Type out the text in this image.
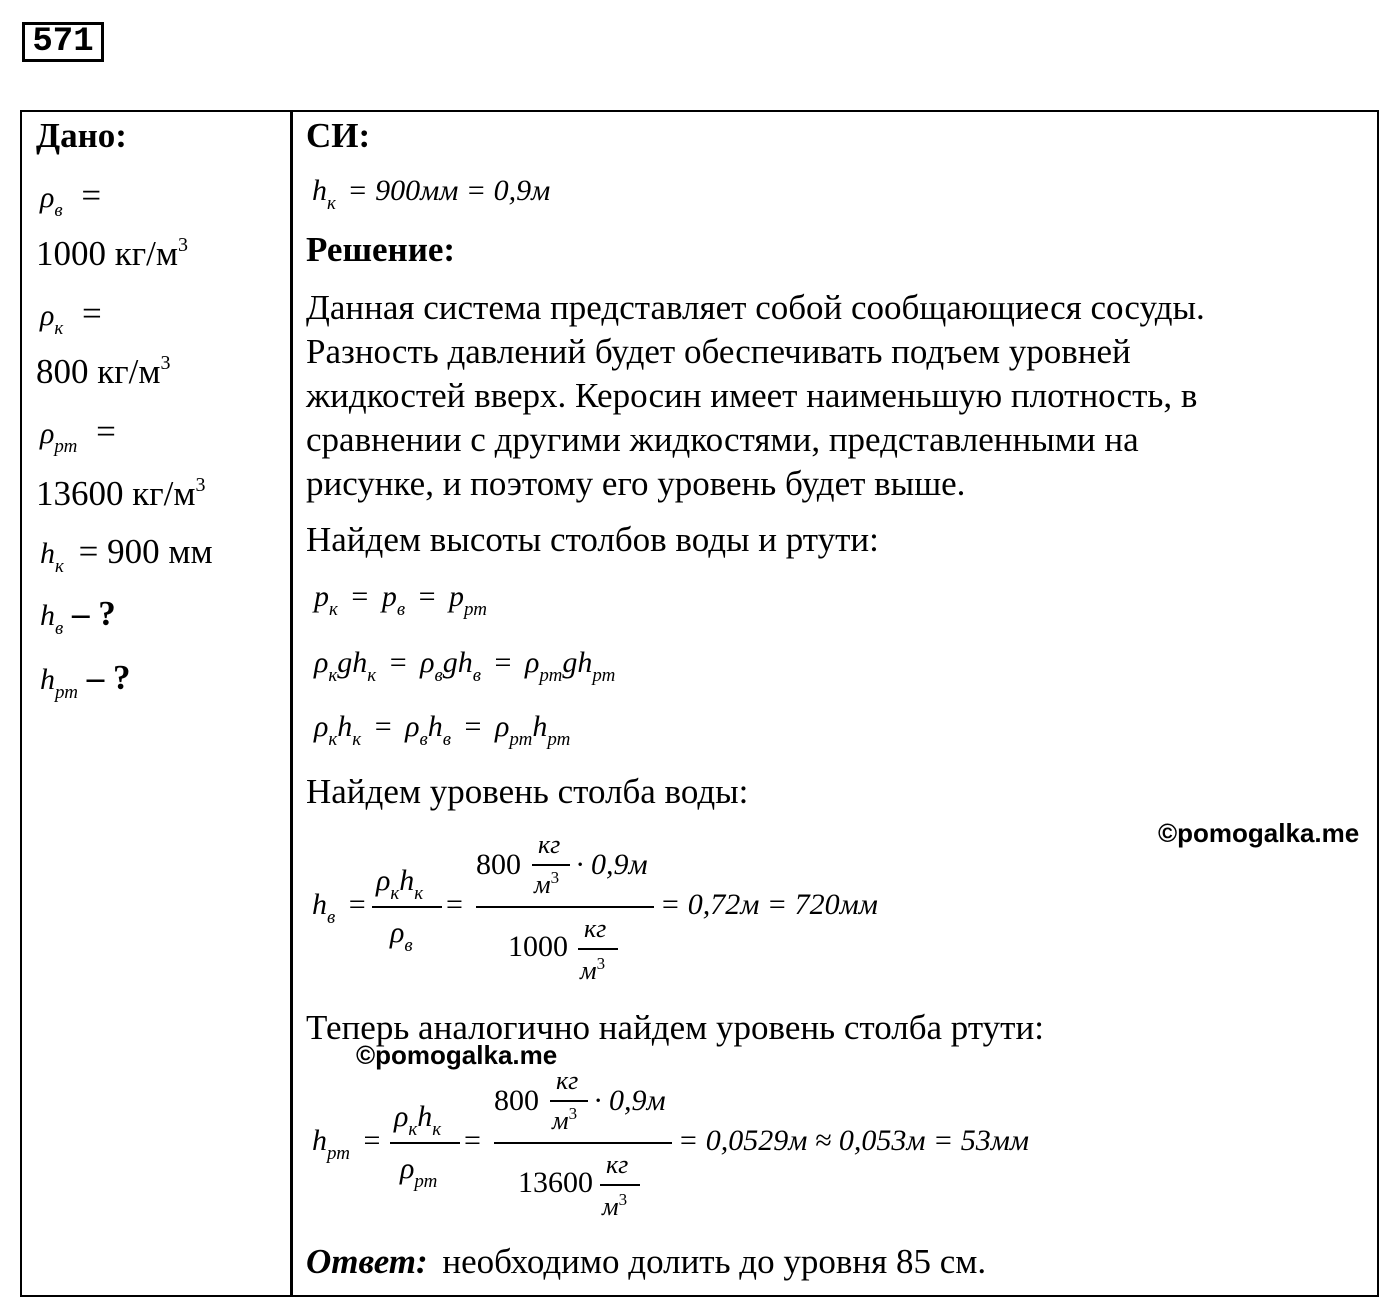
571
Дано:
$\rho_в$ =
1000 $кг/м^3$
$\rho_к$ =
800 $кг/м^3$
$\rho_{рт}$ =
13600 $кг/м^3$
$h_к = 900$ мм
$h_в$ – ?
$h_{рт}$ – ?
СИ:
$h_к = 900мм = 0,9м$
Решение:
Данная система представляет собой сообщающиеся сосуды.
Разность давлений будет обеспечивать подъем уровней
жидкостей вверх. Керосин имеет наименьшую плотность, в
сравнении с другими жидкостями, представленными на
рисунке, и поэтому его уровень будет выше.
Найдем высоты столбов воды и ртути:
$p_к = p_в = p_{рт}$
$\rho_кgh_к = \rho_вgh_в = \rho_{рт}gh_{рт}$
$\rho_кh_к = \rho_вh_в = \rho_{рт}h_{рт}$
Найдем уровень столба воды:
©pomogalka.me
$h_в$ =
$\rho_кh_к$
$\rho_в$
=
800
кг
$м^3 \cdot 0,9м$
1000
кг
$м^3$
= 0,72м = 720мм
Теперь аналогично найдем уровень столба ртути:
©pomogalka.me
$h_{рт}$ =
$\rho_кh_к$
$\rho_{рт}$
=
800
кг
$м^3 \cdot 0,9м$
13600
кг
$м^3$
= 0,0529м ≈ 0,053м = 53мм
Ответ: необходимо долить до уровня 85 см.
